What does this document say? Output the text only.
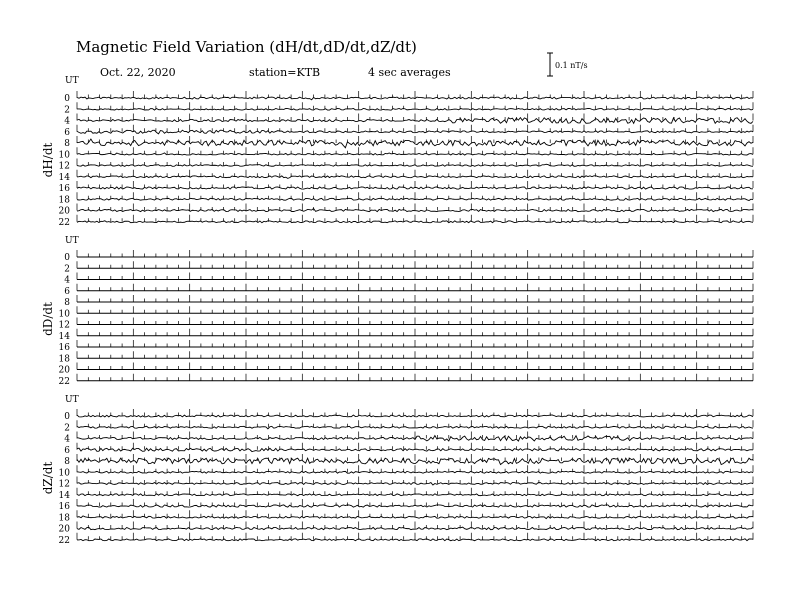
Magnetic Field Variation (dH/dt,dD/dt,dZ/dt)
Oct. 22, 2020	station=KTB	4 sec averages
0.1 nT/s
UT
dH/dt
0
2
4
6
8
10
12
14
16
18
20
22
UT
dD/dt
0
2
4
6
8
10
12
14
16
18
20
22
UT
dZ/dt
0
2
4
6
8
10
12
14
16
18
20
22
